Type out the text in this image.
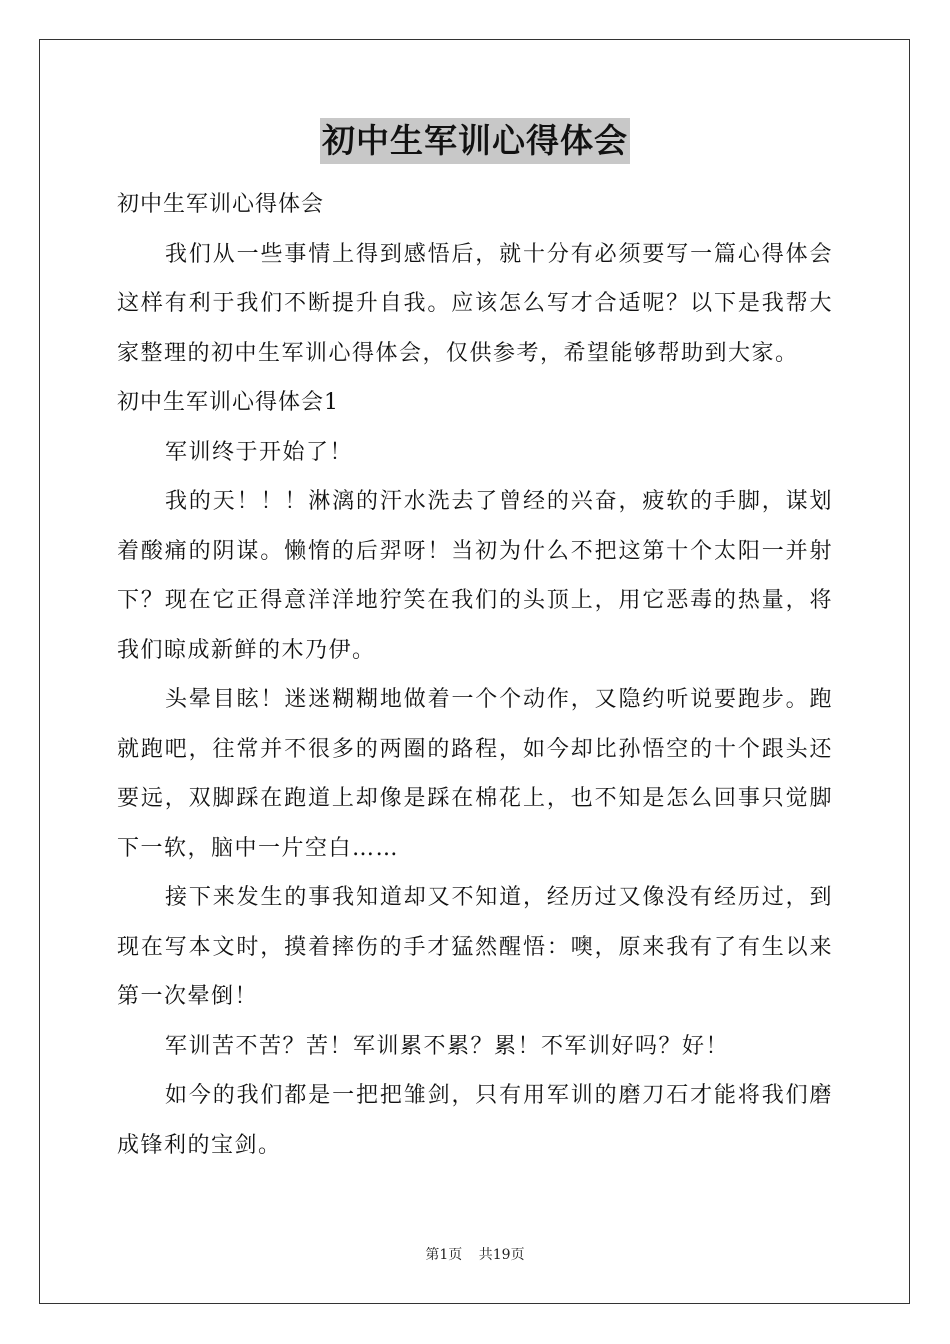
初中生军训心得体会

初中生军训心得体会

我们从一些事情上得到感悟后，就十分有必须要写一篇心得体会这样有利于我们不断提升自我。应该怎么写才合适呢？以下是我帮大家整理的初中生军训心得体会，仅供参考，希望能够帮助到大家。

初中生军训心得体会1

军训终于开始了！

我的天！！！淋漓的汗水洗去了曾经的兴奋，疲软的手脚，谋划着酸痛的阴谋。懒惰的后羿呀！当初为什么不把这第十个太阳一并射下？现在它正得意洋洋地狞笑在我们的头顶上，用它恶毒的热量，将我们晾成新鲜的木乃伊。

头晕目眩！迷迷糊糊地做着一个个动作，又隐约听说要跑步。跑就跑吧，往常并不很多的两圈的路程，如今却比孙悟空的十个跟头还要远，双脚踩在跑道上却像是踩在棉花上，也不知是怎么回事只觉脚下一软，脑中一片空白……

接下来发生的事我知道却又不知道，经历过又像没有经历过，到现在写本文时，摸着摔伤的手才猛然醒悟：噢，原来我有了有生以来第一次晕倒！

军训苦不苦？苦！军训累不累？累！不军训好吗？好！

如今的我们都是一把把雏剑，只有用军训的磨刀石才能将我们磨成锋利的宝剑。

第1页 共19页
